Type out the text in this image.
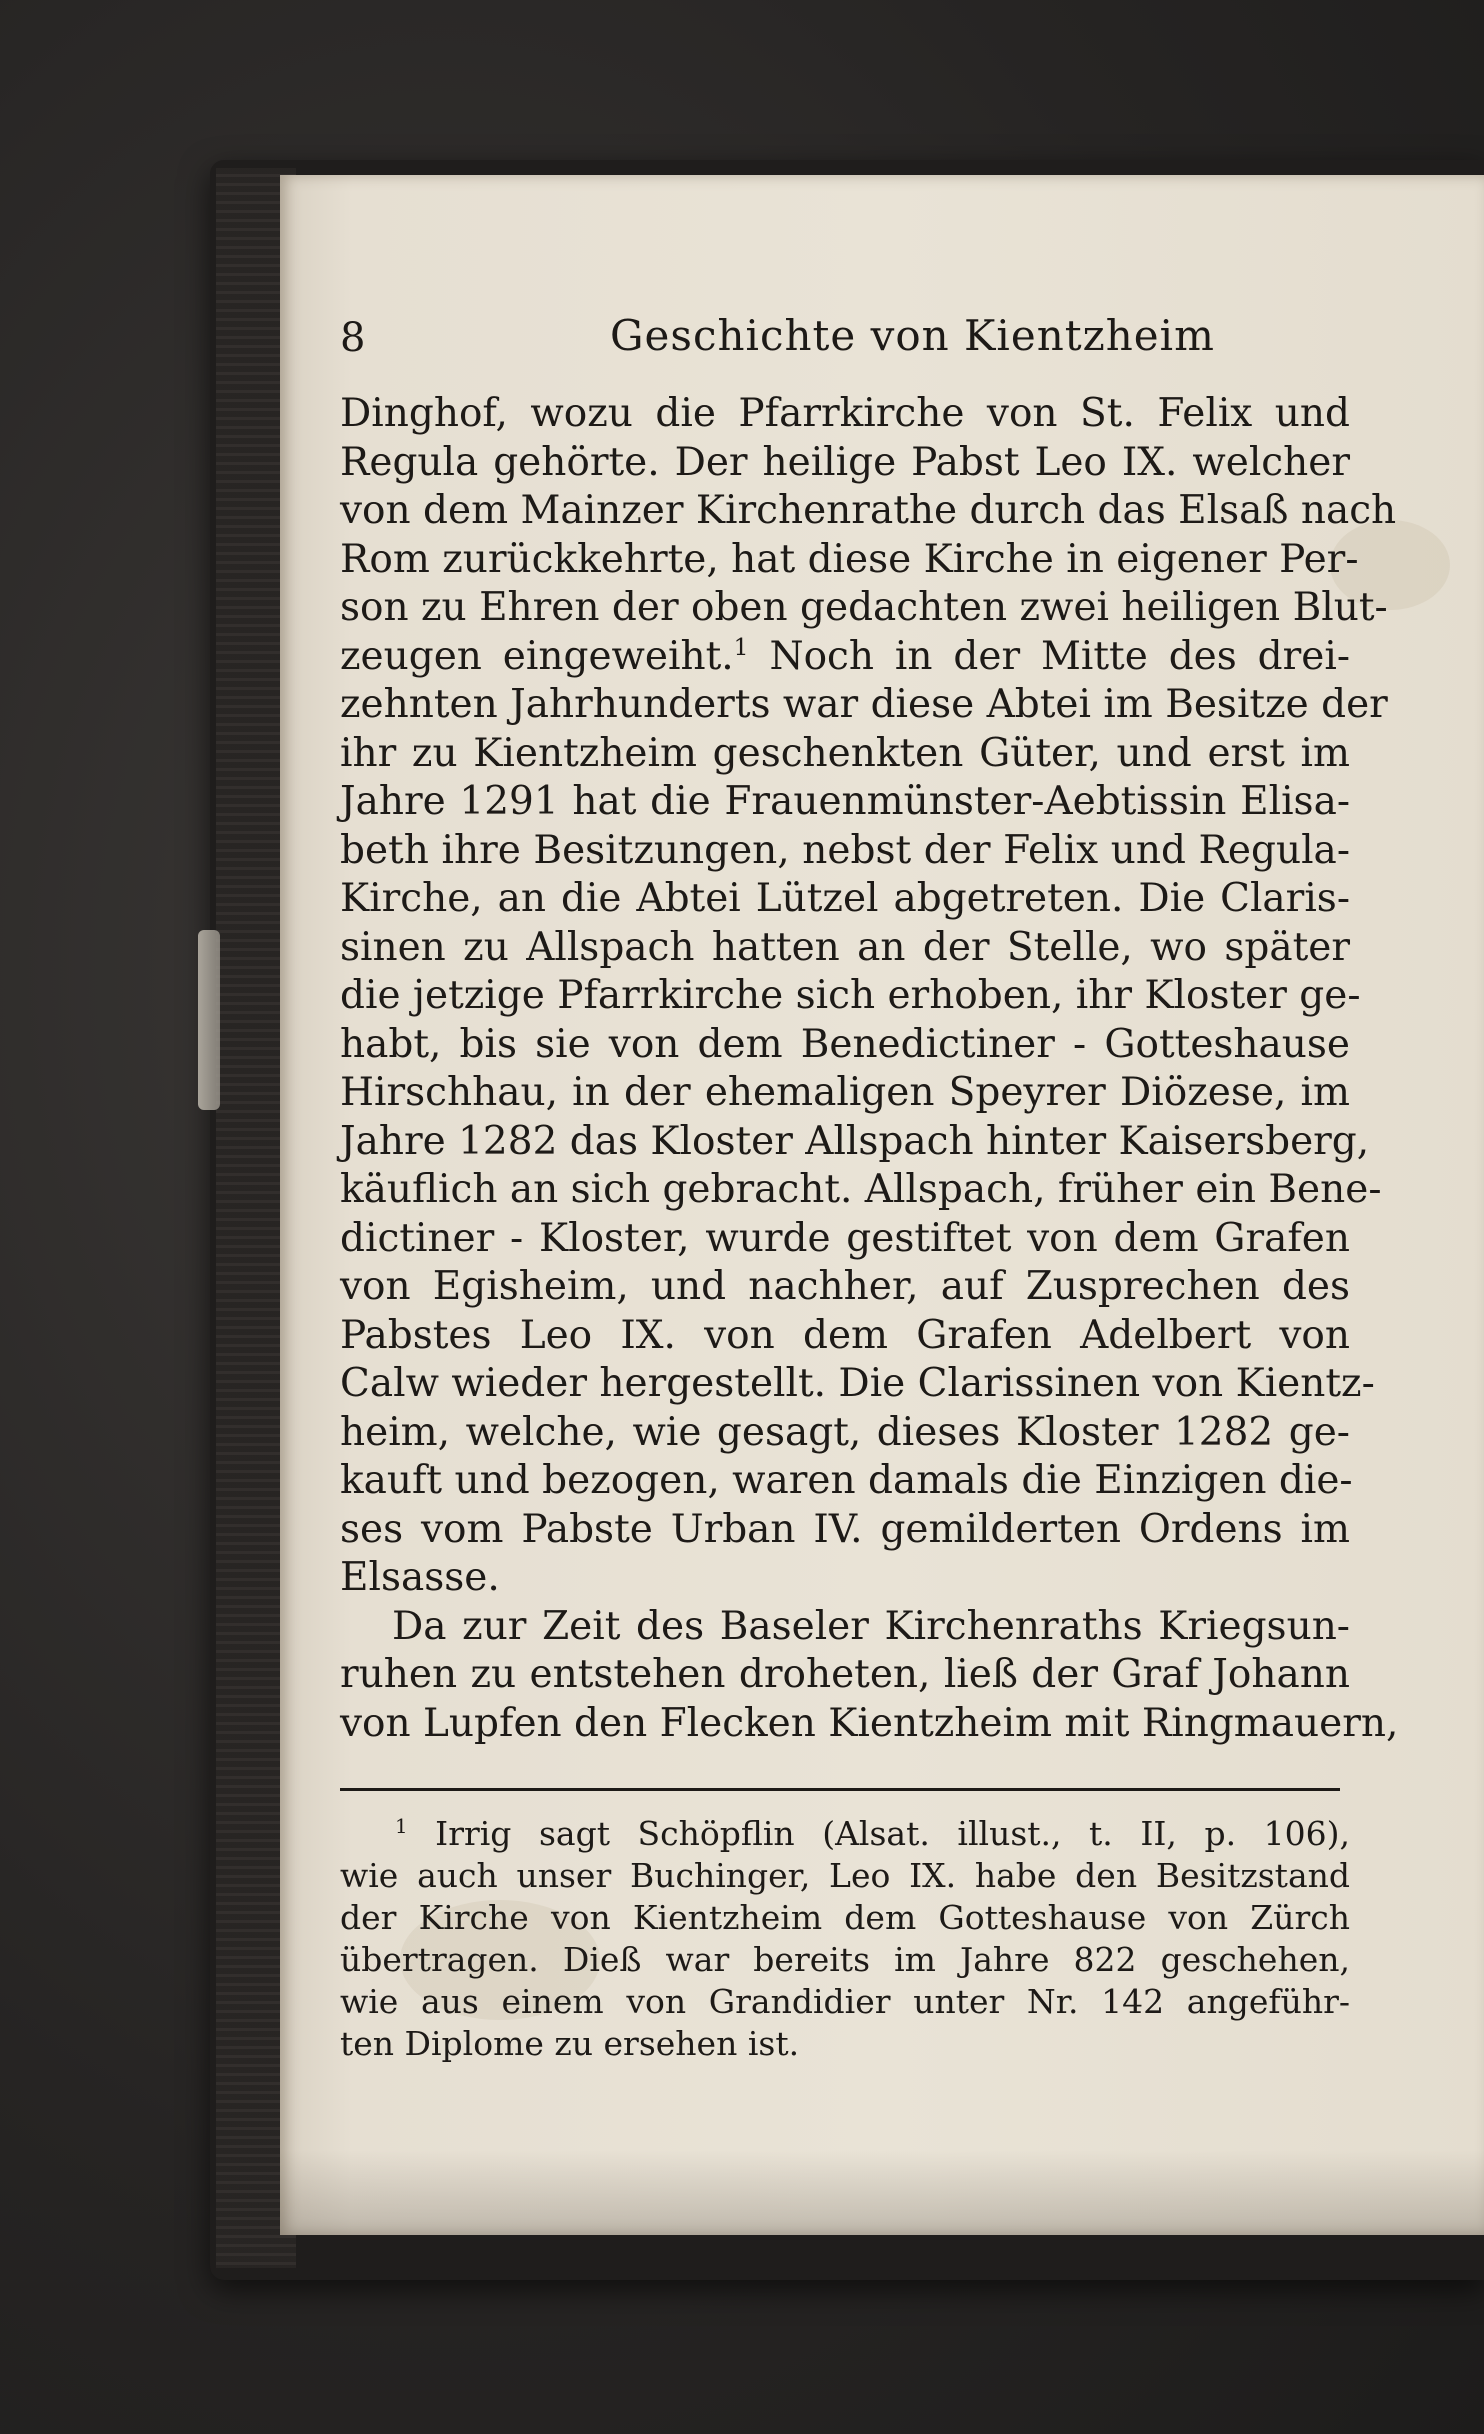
8	Geschichte von Kientzheim
Dinghof, wozu die Pfarrkirche von St. Felix und
Regula gehörte. Der heilige Pabst Leo IX. welcher
von dem Mainzer Kirchenrathe durch das Elsaß nach
Rom zurückkehrte, hat diese Kirche in eigener Per-
son zu Ehren der oben gedachten zwei heiligen Blut-
zeugen eingeweiht.$^1$ Noch in der Mitte des drei-
zehnten Jahrhunderts war diese Abtei im Besitze der
ihr zu Kientzheim geschenkten Güter, und erst im
Jahre 1291 hat die Frauenmünster-Aebtissin Elisa-
beth ihre Besitzungen, nebst der Felix und Regula-
Kirche, an die Abtei Lützel abgetreten. Die Claris-
sinen zu Allspach hatten an der Stelle, wo später
die jetzige Pfarrkirche sich erhoben, ihr Kloster ge-
habt, bis sie von dem Benedictiner - Gotteshause
Hirschhau, in der ehemaligen Speyrer Diözese, im
Jahre 1282 das Kloster Allspach hinter Kaisersberg,
käuflich an sich gebracht. Allspach, früher ein Bene-
dictiner - Kloster, wurde gestiftet von dem Grafen
von Egisheim, und nachher, auf Zusprechen des
Pabstes Leo IX. von dem Grafen Adelbert von
Calw wieder hergestellt. Die Clarissinen von Kientz-
heim, welche, wie gesagt, dieses Kloster 1282 ge-
kauft und bezogen, waren damals die Einzigen die-
ses vom Pabste Urban IV. gemilderten Ordens im
Elsasse.
Da zur Zeit des Baseler Kirchenraths Kriegsun-
ruhen zu entstehen droheten, ließ der Graf Johann
von Lupfen den Flecken Kientzheim mit Ringmauern,
$^1$ Irrig sagt Schöpflin (Alsat. illust., t. II, p. 106),
wie auch unser Buchinger, Leo IX. habe den Besitzstand
der Kirche von Kientzheim dem Gotteshause von Zürch
übertragen. Dieß war bereits im Jahre 822 geschehen,
wie aus einem von Grandidier unter Nr. 142 angeführ-
ten Diplome zu ersehen ist.
